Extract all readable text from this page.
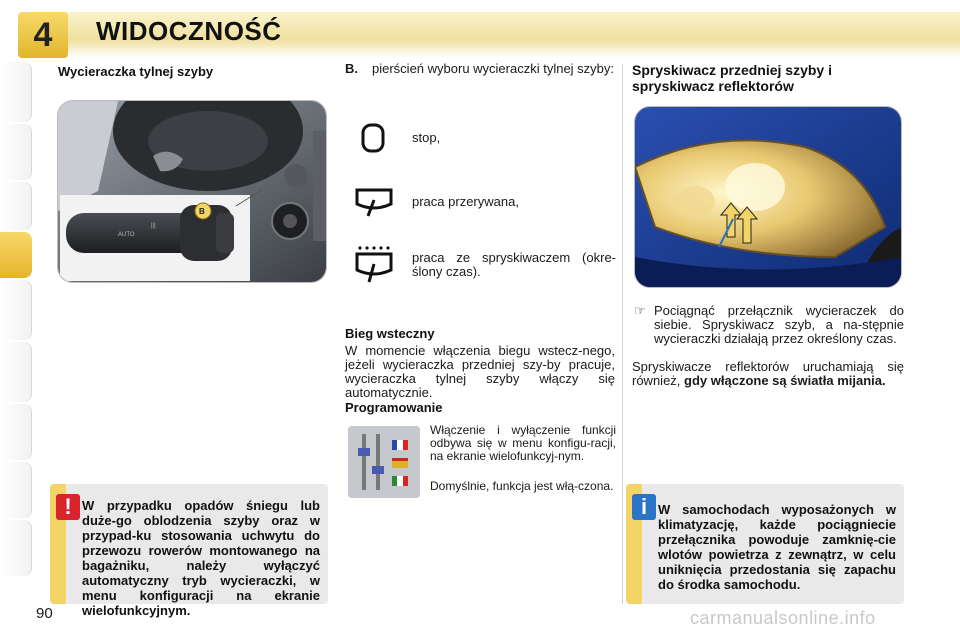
4 WIDOCZNOŚĆ
Wycieraczka tylnej szyby
AUTO
|||
B
! W przypadku opadów śniegu lub duże-go oblodzenia szyby oraz w przypad-ku stosowania uchwytu do przewozu rowerów montowanego na bagażniku, należy wyłączyć automatyczny tryb wycieraczki, w menu konfiguracji na ekranie wielofunkcyjnym.
B. pierścień wyboru wycieraczki tylnej szyby:
stop,
praca przerywana,
praca ze spryskiwaczem (okre-ślony czas).
Bieg wsteczny
W momencie włączenia biegu wstecz-nego, jeżeli wycieraczka przedniej szy-by pracuje, wycieraczka tylnej szyby włączy się automatycznie.
Programowanie
Włączenie i wyłączenie funkcji odbywa się w menu konfigu-racji, na ekranie wielofunkcyj-nym.
Domyślnie, funkcja jest włą-czona.
Spryskiwacz przedniej szyby i
spryskiwacz reflektorów
☞ Pociągnąć przełącznik wycieraczek do siebie. Spryskiwacz szyb, a na-stępnie wycieraczki działają przez określony czas.
Spryskiwacze reflektorów uruchamiają się również, gdy włączone są światła mijania.
i W samochodach wyposażonych w klimatyzację, każde pociągniecie przełącznika powoduje zamknię-cie wlotów powietrza z zewnątrz, w celu uniknięcia przedostania się zapachu do środka samochodu.
90	carmanualsonline.info
